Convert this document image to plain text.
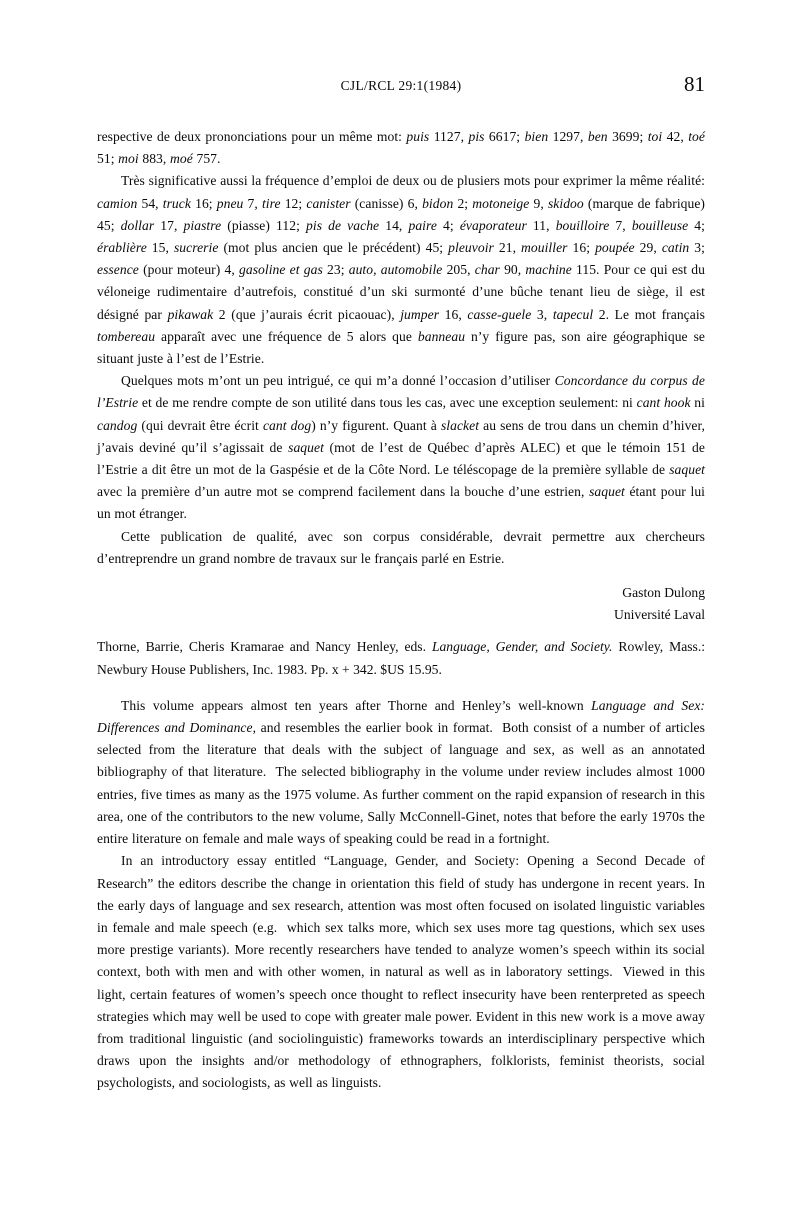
CJL/RCL 29:1(1984)	81

respective de deux prononciations pour un même mot: puis 1127, pis 6617; bien 1297, ben 3699; toi 42, toé 51; moi 883, moé 757.

Très significative aussi la fréquence d’emploi de deux ou de plusiers mots pour exprimer la même réalité: camion 54, truck 16; pneu 7, tire 12; canister (canisse) 6, bidon 2; motoneige 9, skidoo (marque de fabrique) 45; dollar 17, piastre (piasse) 112; pis de vache 14, paire 4; évaporateur 11, bouilloire 7, bouilleuse 4; érablière 15, sucrerie (mot plus ancien que le précédent) 45; pleuvoir 21, mouiller 16; poupée 29, catin 3; essence (pour moteur) 4, gasoline et gas 23; auto, automobile 205, char 90, machine 115. Pour ce qui est du véloneige rudimentaire d’autrefois, constitué d’un ski surmonté d’une bûche tenant lieu de siège, il est désigné par pikawak 2 (que j’aurais écrit picaouac), jumper 16, casse-guele 3, tapecul 2. Le mot français tombereau apparaît avec une fréquence de 5 alors que banneau n’y figure pas, son aire géographique se situant juste à l’est de l’Estrie.

Quelques mots m’ont un peu intrigué, ce qui m’a donné l’occasion d’utiliser Concordance du corpus de l’Estrie et de me rendre compte de son utilité dans tous les cas, avec une exception seulement: ni cant hook ni candog (qui devrait être écrit cant dog) n’y figurent. Quant à slacket au sens de trou dans un chemin d’hiver, j’avais deviné qu’il s’agissait de saquet (mot de l’est de Québec d’après ALEC) et que le témoin 151 de l’Estrie a dit être un mot de la Gaspésie et de la Côte Nord. Le téléscopage de la première syllable de saquet avec la première d’un autre mot se comprend facilement dans la bouche d’une estrien, saquet étant pour lui un mot étranger.

Cette publication de qualité, avec son corpus considérable, devrait permettre aux chercheurs d’entreprendre un grand nombre de travaux sur le français parlé en Estrie.

Gaston Dulong
Université Laval

Thorne, Barrie, Cheris Kramarae and Nancy Henley, eds. Language, Gender, and Society. Rowley, Mass.: Newbury House Publishers, Inc. 1983. Pp. x + 342. $US 15.95.

This volume appears almost ten years after Thorne and Henley’s well-known Language and Sex: Differences and Dominance, and resembles the earlier book in format.  Both consist of a number of articles selected from the literature that deals with the subject of language and sex, as well as an annotated bibliography of that literature.  The selected bibliography in the volume under review includes almost 1000 entries, five times as many as the 1975 volume. As further comment on the rapid expansion of research in this area, one of the contributors to the new volume, Sally McConnell-Ginet, notes that before the early 1970s the entire literature on female and male ways of speaking could be read in a fortnight.

In an introductory essay entitled “Language, Gender, and Society: Opening a Second Decade of Research” the editors describe the change in orientation this field of study has undergone in recent years. In the early days of language and sex research, attention was most often focused on isolated linguistic variables in female and male speech (e.g.  which sex talks more, which sex uses more tag questions, which sex uses more prestige variants). More recently researchers have tended to analyze women’s speech within its social context, both with men and with other women, in natural as well as in laboratory settings.  Viewed in this light, certain features of women’s speech once thought to reflect insecurity have been renterpreted as speech strategies which may well be used to cope with greater male power. Evident in this new work is a move away from traditional linguistic (and sociolinguistic) frameworks towards an interdisciplinary perspective which draws upon the insights and/or methodology of ethnographers, folklorists, feminist theorists, social psychologists, and sociologists, as well as linguists.
